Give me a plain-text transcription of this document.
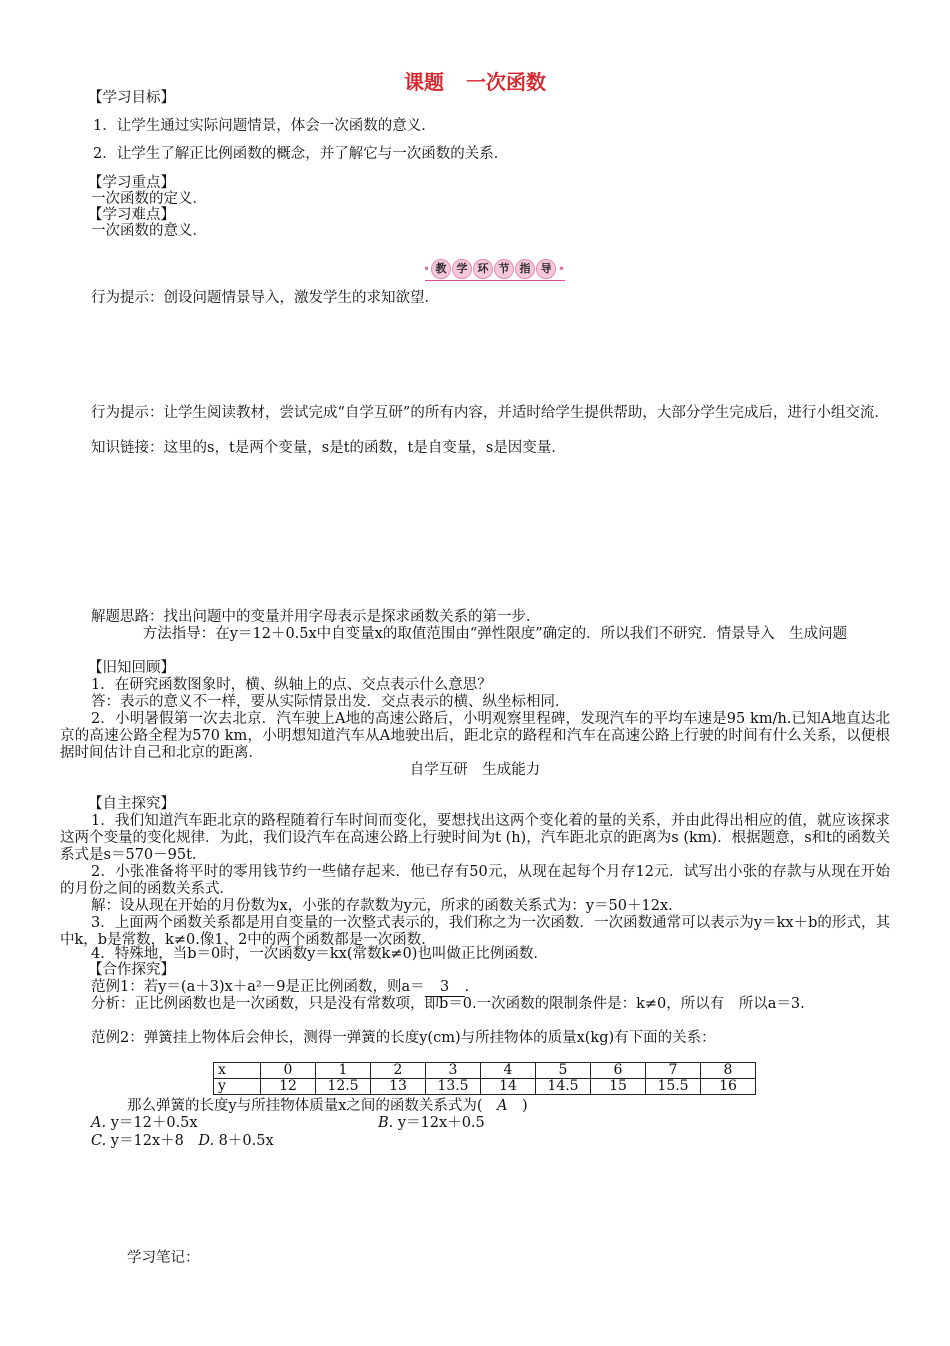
课题 一次函数
【学习目标】
1．让学生通过实际问题情景，体会一次函数的意义．
2．让学生了解正比例函数的概念，并了解它与一次函数的关系．
【学习重点】
一次函数的定义．
【学习难点】
一次函数的意义．
• 教 学 环 节 指 导 •
行为提示：创设问题情景导入，激发学生的求知欲望．
行为提示：让学生阅读教材，尝试完成“自学互研”的所有内容，并适时给学生提供帮助，大部分学生完成后，进行小组交流．
知识链接：这里的s，t是两个变量，s是t的函数，t是自变量，s是因变量．
解题思路：找出问题中的变量并用字母表示是探求函数关系的第一步．
方法指导：在y＝12＋0.5x中自变量x的取值范围由“弹性限度”确定的．所以我们不研究．情景导入　生成问题
【旧知回顾】
1．在研究函数图象时，横、纵轴上的点、交点表示什么意思？
答：表示的意义不一样，要从实际情景出发．交点表示的横、纵坐标相同．
2．小明暑假第一次去北京．汽车驶上A地的高速公路后，小明观察里程碑，发现汽车的平均车速是95 km/h.已知A地直达北京的高速公路全程为570 km，小明想知道汽车从A地驶出后，距北京的路程和汽车在高速公路上行驶的时间有什么关系，以便根据时间估计自己和北京的距离．
自学互研　生成能力
【自主探究】
1．我们知道汽车距北京的路程随着行车时间而变化，要想找出这两个变化着的量的关系，并由此得出相应的值，就应该探求这两个变量的变化规律．为此，我们设汽车在高速公路上行驶时间为t (h)，汽车距北京的距离为s (km)．根据题意，s和t的函数关系式是s＝570－95t.
2．小张准备将平时的零用钱节约一些储存起来．他已存有50元，从现在起每个月存12元．试写出小张的存款与从现在开始的月份之间的函数关系式．
解：设从现在开始的月份数为x，小张的存款数为y元，所求的函数关系式为：y＝50＋12x.
3．上面两个函数关系都是用自变量的一次整式表示的，我们称之为一次函数．一次函数通常可以表示为y＝kx＋b的形式，其中k，b是常数，k≠0.像1、2中的两个函数都是一次函数．
4．特殊地，当b＝0时，一次函数y＝kx(常数k≠0)也叫做正比例函数．
【合作探究】
范例1：若y＝(a＋3)x＋a²－9是正比例函数，则a＝ 3 ．
分析：正比例函数也是一次函数，只是没有常数项，即b＝0.一次函数的限制条件是：k≠0，所以有　所以a＝3.
范例2：弹簧挂上物体后会伸长，测得一弹簧的长度y(cm)与所挂物体的质量x(kg)有下面的关系：
x	0	1	2	3	4	5	6	7	8
y	12	12.5	13	13.5	14	14.5	15	15.5	16
那么弹簧的长度y与所挂物体质量x之间的函数关系式为(　A　)
A. y＝12＋0.5x	B. y＝12x＋0.5
C. y＝12x＋8　 D. 8＋0.5x
学习笔记：
